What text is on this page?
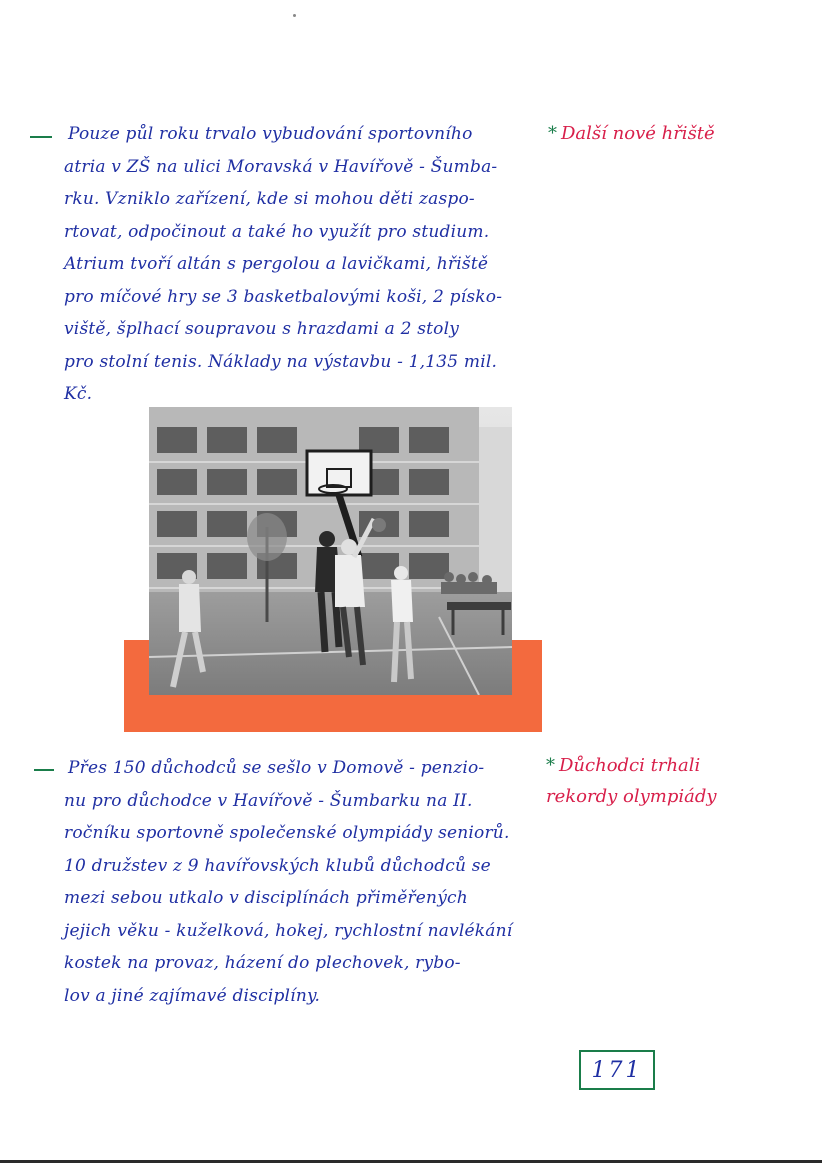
Pouze půl roku trvalo vybudování sportovního
atria v ZŠ na ulici Moravská v Havířově - Šumba-
rku. Vzniklo zařízení, kde si mohou děti zaspo-
rtovat, odpočinout a také ho využít pro studium.
Atrium tvoří altán s pergolou a lavičkami, hřiště
pro míčové hry se 3 basketbalovými koši, 2 písko-
viště, šplhací soupravou s hrazdami a 2 stoly
pro stolní tenis. Náklady na výstavbu - 1,135 mil.
Kč.
* Další nové hřiště
Přes 150 důchodců se sešlo v Domově - penzio-
nu pro důchodce v Havířově - Šumbarku na II.
ročníku sportovně společenské olympiády seniorů.
10 družstev z 9 havířovských klubů důchodců se
mezi sebou utkalo v disciplínách přiměřených
jejich věku - kuželková, hokej, rychlostní navlékání
kostek na provaz, házení do plechovek, rybo-
lov a jiné zajímavé disciplíny.
* Důchodci trhali
rekordy olympiády
171
